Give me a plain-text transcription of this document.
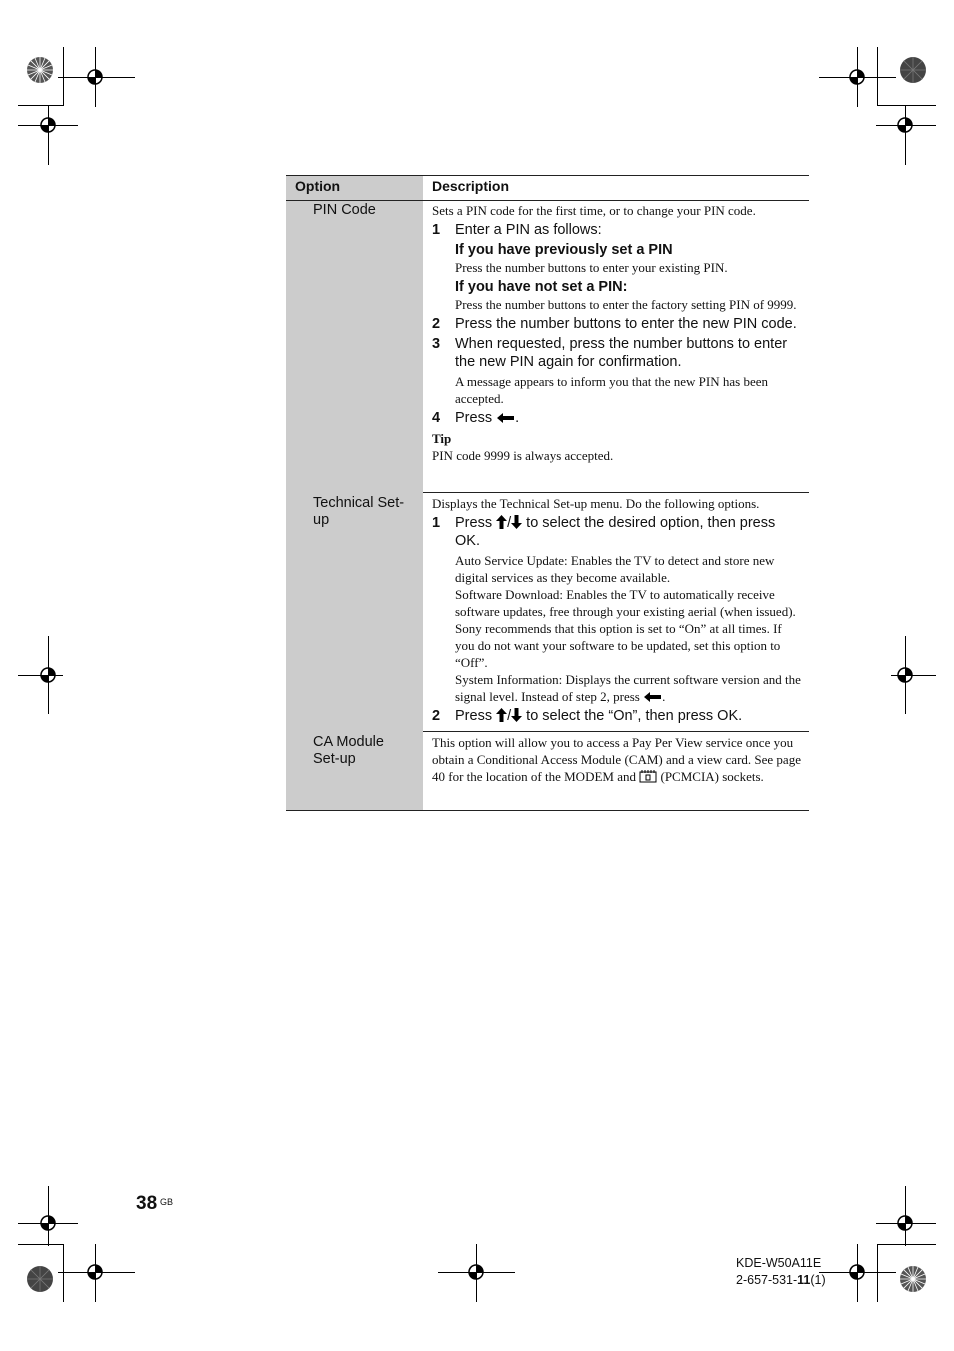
Option	Description
PIN Code	Sets a PIN code for the first time, or to change your PIN code.
1 Enter a PIN as follows:
If you have previously set a PIN
Press the number buttons to enter your existing PIN.
If you have not set a PIN:
Press the number buttons to enter the factory setting PIN of 9999.
2 Press the number buttons to enter the new PIN code.
3 When requested, press the number buttons to enter the new PIN again for confirmation.
A message appears to inform you that the new PIN has been accepted.
4 Press .
Tip
PIN code 9999 is always accepted.
Technical Set-up
Displays the Technical Set-up menu. Do the following options.
1 Press / to select the desired option, then press OK.
Auto Service Update: Enables the TV to detect and store new digital services as they become available.
Software Download: Enables the TV to automatically receive software updates, free through your existing aerial (when issued). Sony recommends that this option is set to “On” at all times. If you do not want your software to be updated, set this option to “Off”.
System Information: Displays the current software version and the signal level. Instead of step 2, press .
2 Press / to select the “On”, then press OK.
CA Module Set-up
This option will allow you to access a Pay Per View service once you obtain a Conditional Access Module (CAM) and a view card. See page 40 for the location of the MODEM and (PCMCIA) sockets.
38 GB
KDE-W50A11E
2-657-531-11(1)
